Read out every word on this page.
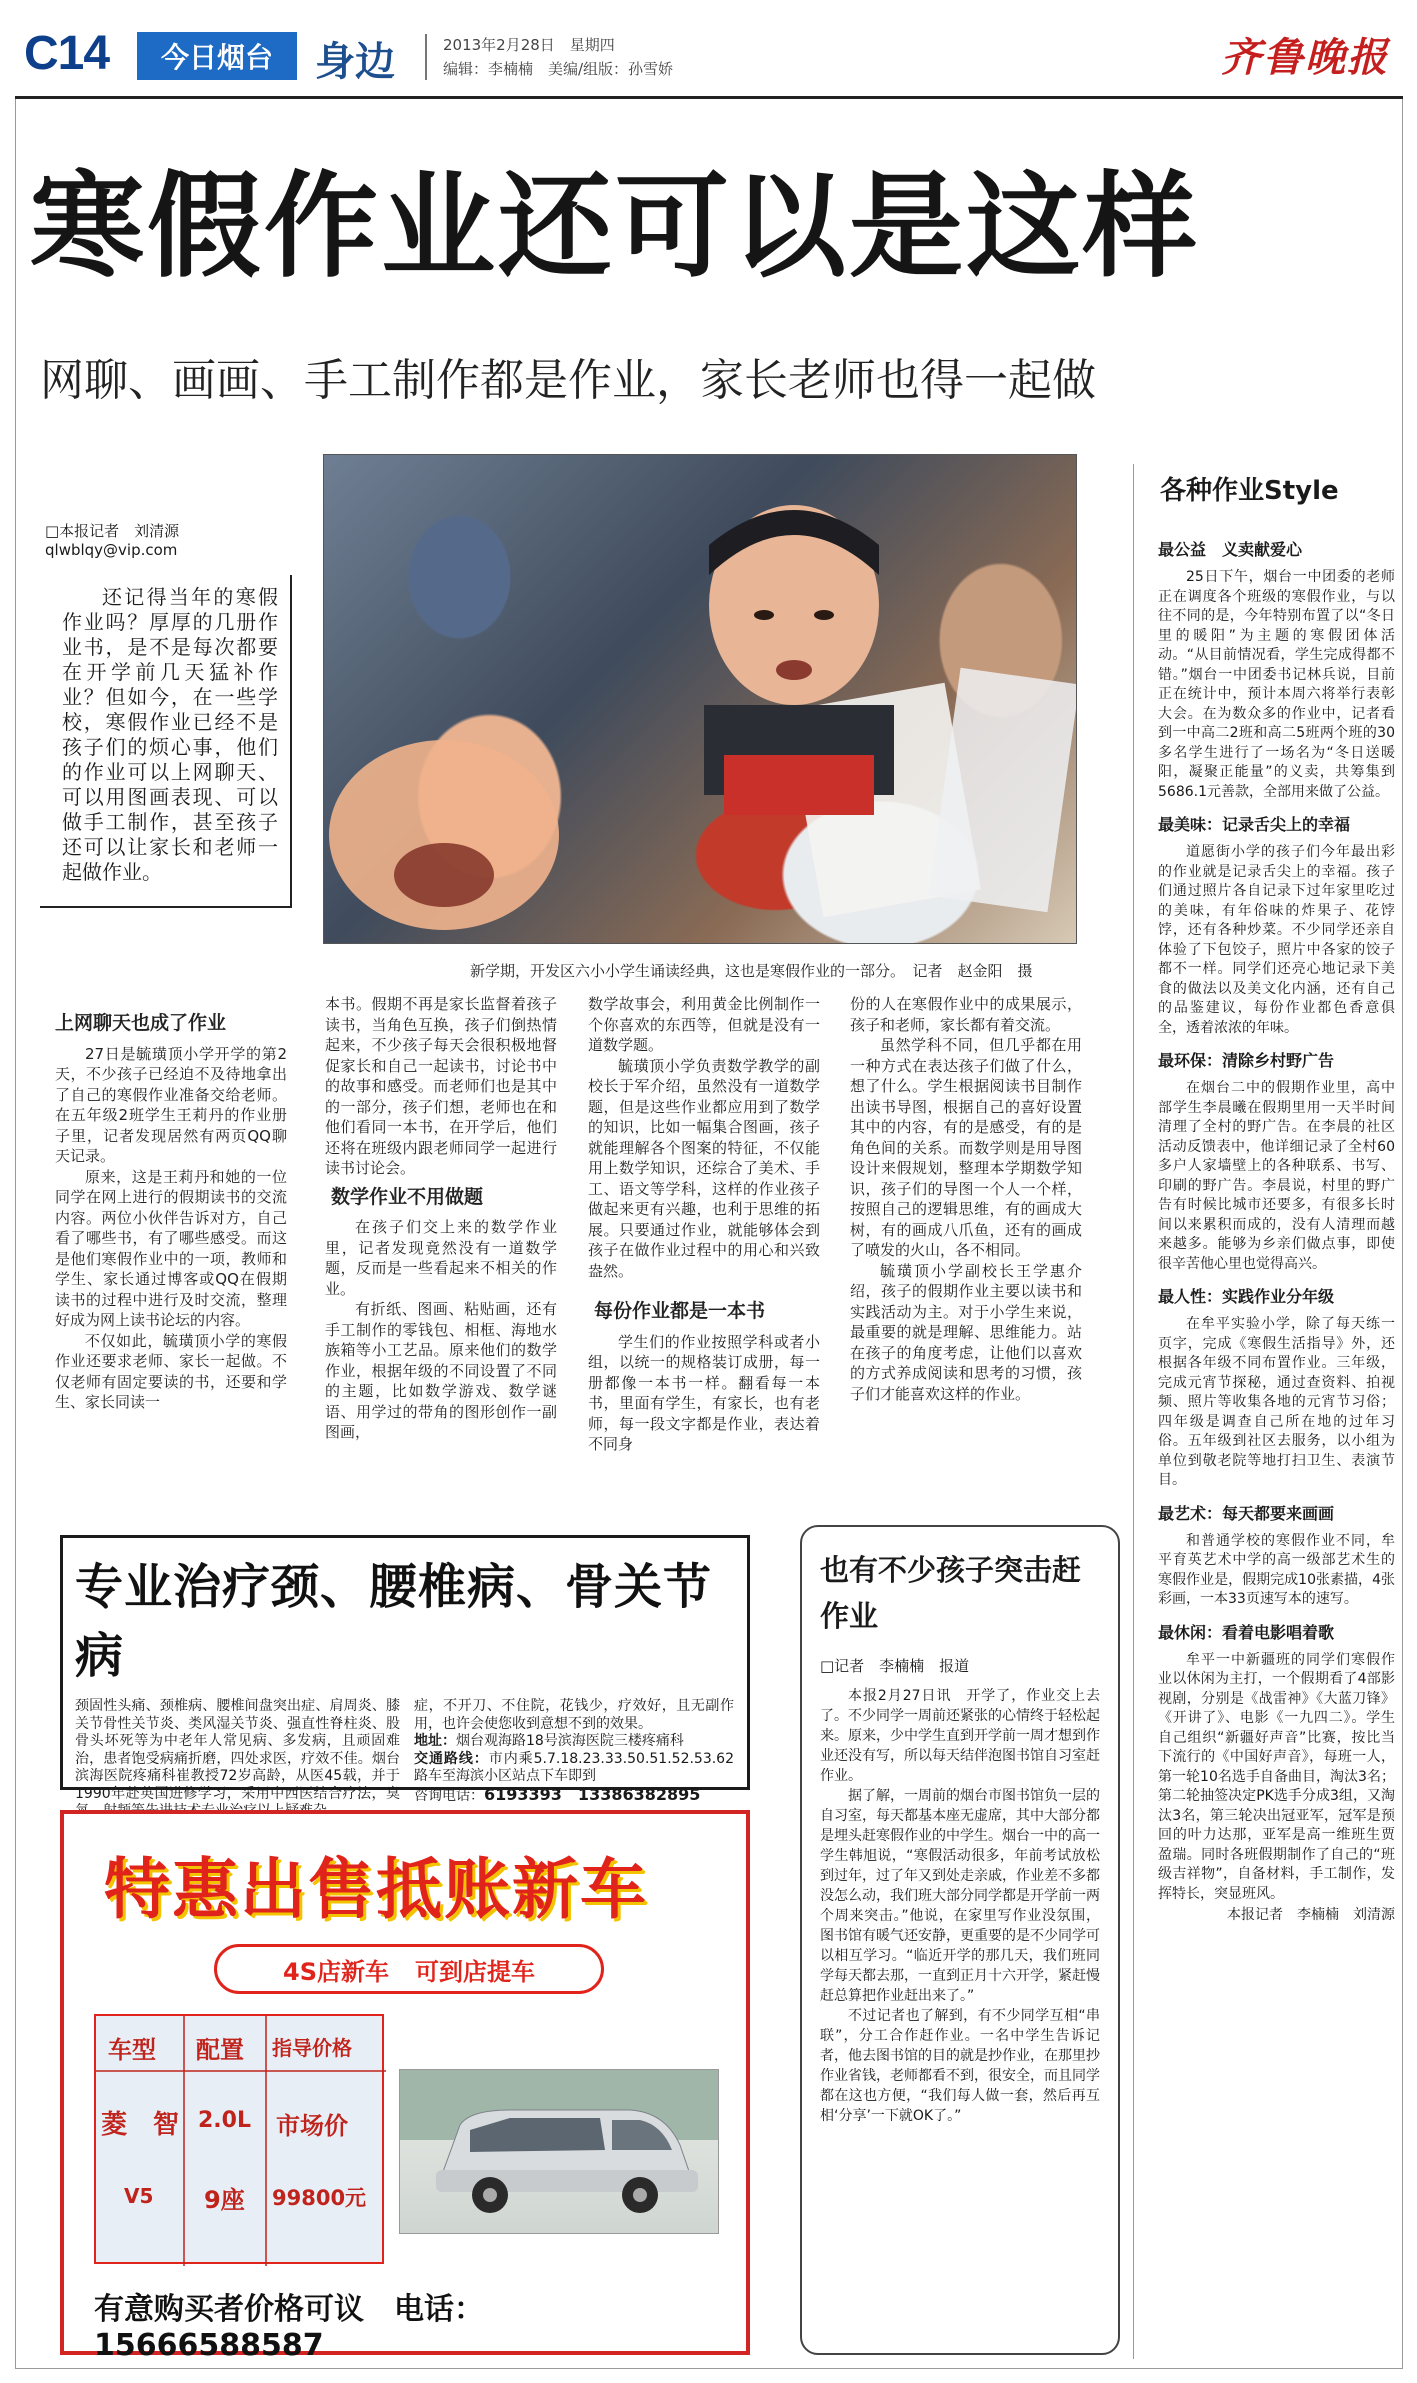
C14	今日烟台	身边	2013年2月28日　星期四
编辑：李楠楠　美编/组版：孙雪娇	齐鲁晚报
寒假作业还可以是这样
网聊、画画、手工制作都是作业，家长老师也得一起做
□本报记者　刘清源
qlwblqy@vip.com

还记得当年的寒假作业吗？厚厚的几册作业书，是不是每次都要在开学前几天猛补作业？但如今，在一些学校，寒假作业已经不是孩子们的烦心事，他们的作业可以上网聊天、可以用图画表现、可以做手工制作，甚至孩子还可以让家长和老师一起做作业。

新学期，开发区六小小学生诵读经典，这也是寒假作业的一部分。　记者　赵金阳　摄
上网聊天也成了作业

27日是毓璜顶小学开学的第2天，不少孩子已经迫不及待地拿出了自己的寒假作业准备交给老师。在五年级2班学生王莉丹的作业册子里，记者发现居然有两页QQ聊天记录。

原来，这是王莉丹和她的一位同学在网上进行的假期读书的交流内容。两位小伙伴告诉对方，自己看了哪些书，有了哪些感受。而这是他们寒假作业中的一项，教师和学生、家长通过博客或QQ在假期读书的过程中进行及时交流，整理好成为网上读书论坛的内容。

不仅如此，毓璜顶小学的寒假作业还要求老师、家长一起做。不仅老师有固定要读的书，还要和学生、家长同读一

本书。假期不再是家长监督着孩子读书，当角色互换，孩子们倒热情起来，不少孩子每天会很积极地督促家长和自己一起读书，讨论书中的故事和感受。而老师们也是其中的一部分，孩子们想，老师也在和他们看同一本书，在开学后，他们还将在班级内跟老师同学一起进行读书讨论会。
数学作业不用做题

在孩子们交上来的数学作业里，记者发现竟然没有一道数学题，反而是一些看起来不相关的作业。

有折纸、图画、粘贴画，还有手工制作的零钱包、相框、海地水族箱等小工艺品。原来他们的数学作业，根据年级的不同设置了不同的主题，比如数学游戏、数学谜语、用学过的带角的图形创作一副图画，

数学故事会，利用黄金比例制作一个你喜欢的东西等，但就是没有一道数学题。

毓璜顶小学负责数学教学的副校长于军介绍，虽然没有一道数学题，但是这些作业都应用到了数学的知识，比如一幅集合图画，孩子就能理解各个图案的特征，不仅能用上数学知识，还综合了美术、手工、语文等学科，这样的作业孩子做起来更有兴趣，也利于思维的拓展。只要通过作业，就能够体会到孩子在做作业过程中的用心和兴致盎然。

每份作业都是一本书

学生们的作业按照学科或者小组，以统一的规格装订成册，每一册都像一本书一样。翻看每一本书，里面有学生，有家长，也有老师，每一段文字都是作业，表达着不同身

份的人在寒假作业中的成果展示，孩子和老师，家长都有着交流。

虽然学科不同，但几乎都在用一种方式在表达孩子们做了什么，想了什么。学生根据阅读书目制作出读书导图，根据自己的喜好设置其中的内容，有的是感受，有的是角色间的关系。而数学则是用导图设计来假规划，整理本学期数学知识，孩子们的导图一个人一个样，按照自己的逻辑思维，有的画成大树，有的画成八爪鱼，还有的画成了喷发的火山，各不相同。

毓璜顶小学副校长王学惠介绍，孩子的假期作业主要以读书和实践活动为主。对于小学生来说，最重要的就是理解、思维能力。站在孩子的角度考虑，让他们以喜欢的方式养成阅读和思考的习惯，孩子们才能喜欢这样的作业。

各种作业Style
最公益　义卖献爱心

25日下午，烟台一中团委的老师正在调度各个班级的寒假作业，与以往不同的是，今年特别布置了以“冬日里的暖阳”为主题的寒假团体活动。“从目前情况看，学生完成得都不错。”烟台一中团委书记林兵说，目前正在统计中，预计本周六将举行表彰大会。在为数众多的作业中，记者看到一中高二2班和高二5班两个班的30多名学生进行了一场名为“冬日送暖阳，凝聚正能量”的义卖，共筹集到5686.1元善款，全部用来做了公益。

最美味：记录舌尖上的幸福

道愿街小学的孩子们今年最出彩的作业就是记录舌尖上的幸福。孩子们通过照片各自记录下过年家里吃过的美味，有年俗味的炸果子、花饽饽，还有各种炒菜。不少同学还亲自体验了下包饺子，照片中各家的饺子都不一样。同学们还亮心地记录下美食的做法以及美文化内涵，还有自己的品鉴建议，每份作业都色香意俱全，透着浓浓的年味。

最环保：清除乡村野广告

在烟台二中的假期作业里，高中部学生李晨曦在假期里用一天半时间清理了全村的野广告。在李晨的社区活动反馈表中，他详细记录了全村60多户人家墙壁上的各种联系、书写、印刷的野广告。李晨说，村里的野广告有时候比城市还要多，有很多长时间以来累积而成的，没有人清理而越来越多。能够为乡亲们做点事，即使很辛苦他心里也觉得高兴。

最人性：实践作业分年级

在牟平实验小学，除了每天练一页字，完成《寒假生活指导》外，还根据各年级不同布置作业。三年级，完成元宵节探秘，通过查资料、拍视频、照片等收集各地的元宵节习俗；四年级是调查自己所在地的过年习俗。五年级到社区去服务，以小组为单位到敬老院等地打扫卫生、表演节目。

最艺术：每天都要来画画

和普通学校的寒假作业不同，牟平育英艺术中学的高一级部艺术生的寒假作业是，假期完成10张素描，4张彩画，一本33页速写本的速写。

最休闲：看着电影唱着歌

牟平一中新疆班的同学们寒假作业以休闲为主打，一个假期看了4部影视剧，分别是《战雷神》《大蓝刀锋》《开讲了》、电影《一九四二》。学生自己组织“新疆好声音”比赛，按比当下流行的《中国好声音》，每班一人，第一轮10名选手自备曲目，淘汰3名；第二轮抽签决定PK选手分成3组，又淘汰3名，第三轮决出冠亚军，冠军是预回的叶力达那，亚军是高一维班生贾盈瑞。同时各班假期制作了自己的“班级吉祥物”，自备材料，手工制作，发挥特长，突显班风。

本报记者　李楠楠　刘清源
专业治疗颈、腰椎病、骨关节病
颈固性头痛、颈椎病、腰椎间盘突出症、肩周炎、膝关节骨性关节炎、类风湿关节炎、强直性脊柱炎、股骨头坏死等为中老年人常见病、多发病，且顽固难治，患者饱受病痛折磨，四处求医，疗效不佳。烟台滨海医院疼痛科崔教授72岁高龄，从医45载，并于1990年赴英国进修学习，采用中西医结合疗法，臭
症，不开刀、不住院，花钱少，疗效好，且无副作用，也许会使您收到意想不到的效果。
地址：烟台观海路18号滨海医院三楼疼痛科
交通路线：市内乘5.7.18.23.33.50.51.52.53.62路车至海滨小区站点下车即到
咨询电话：6193393　13386382895
特惠出售抵账新车
4S店新车 可到店提车
车型 配置 指导价格
菱　智 2.0L 市场价
V5 9座 99800元
有意购买者价格可议　电话：　15666588587
也有不少孩子突击赶作业
□记者　李楠楠　报道

本报2月27日讯　开学了，作业交上去了。不少同学一周前还紧张的心情终于轻松起来。原来，少中学生直到开学前一周才想到作业还没有写，所以每天结伴泡图书馆自习室赶作业。

据了解，一周前的烟台市图书馆负一层的自习室，每天都基本座无虚席，其中大部分都是埋头赶寒假作业的中学生。烟台一中的高一学生韩旭说，“寒假活动很多，年前考试放松到过年，过了年又到处走亲戚，作业差不多都没怎么动，我们班大部分同学都是开学前一两个周来突击。”他说，在家里写作业没氛围，图书馆有暖气还安静，更重要的是不少同学可以相互学习。“临近开学的那几天，我们班同学每天都去那，一直到正月十六开学，紧赶慢赶总算把作业赶出来了。”

不过记者也了解到，有不少同学互相“串联”，分工合作赶作业。一名中学生告诉记者，他去图书馆的目的就是抄作业，在那里抄作业省钱，老师都看不到，很安全，而且同学都在这也方便，“我们每人做一套，然后再互相‘分享’一下就OK了。”
